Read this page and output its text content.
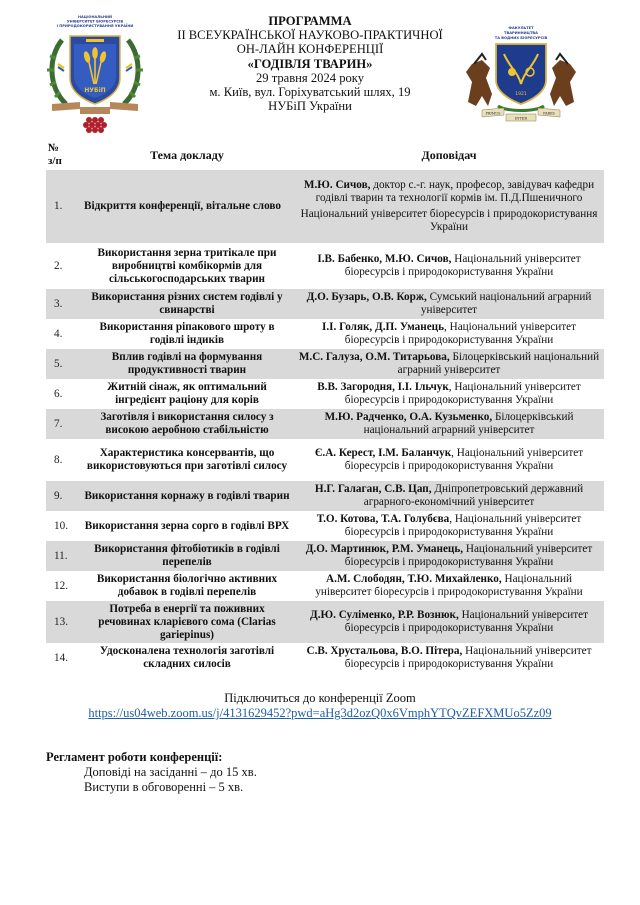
НАЦІОНАЛЬНИЙ
УНІВЕРСИТЕТ БІОРЕСУРСІВ
І ПРИРОДОКОРИСТУВАННЯ УКРАЇНИ
НУБіП
ПРОГРАММА
ІІ ВСЕУКРАЇНСЬКОЇ НАУКОВО-ПРАКТИЧНОЇ
ОН-ЛАЙН КОНФЕРЕНЦІЇ
«ГОДІВЛЯ ТВАРИН»
29 травня 2024 року
м. Київ, вул. Горіхуватський шлях, 19
НУБіП України
ФАКУЛЬТЕТ
ТВАРИННИЦТВА
ТА ВОДНИХ БІОРЕСУРСІВ
1921
PRIMUS
INTER
PARES
№
з/п	Тема докладу	Доповідач
1.	Відкриття конференції, вітальне слово	М.Ю. Сичов, доктор с.-г. наук, професор, завідувач кафедри годівлі тварин та технології кормів ім. П.Д.Пшеничного
Національний університет біоресурсів і природокористування України

2.	Використання зерна тритікале при виробництві комбікормів для сільськогосподарських тварин	І.В. Бабенко, М.Ю. Сичов, Національний університет біоресурсів і природокористування України
3.	Використання різних систем годівлі у свинарстві	Д.О. Бузарь, О.В. Корж, Сумський національний аграрний університет
4.	Використання ріпакового шроту в годівлі індиків	І.І. Голяк, Д.П. Уманець, Національний університет біоресурсів і природокористування України
5.	Вплив годівлі на формування продуктивності тварин	М.С. Галуза, О.М. Титарьова, Білоцерківський національний аграрний університет
6.	Житній сінаж, як оптимальний інгредієнт раціону для корів	В.В. Загородня, І.І. Ільчук, Національний університет біоресурсів і природокористування України
7.	Заготівля і використання силосу з високою аеробною стабільністю	М.Ю. Радченко, О.А. Кузьменко, Білоцерківський національний аграрний університет
8.	Характеристика консервантів, що використовуються при заготівлі силосу	Є.А. Керест, І.М. Баланчук, Національний університет біоресурсів і природокористування України
9.	Використання корнажу в годівлі тварин	Н.Г. Галаган, С.В. Цап, Дніпропетровський державний аграрного-економічний університет
10.	Використання зерна сорго в годівлі ВРХ	Т.О. Котова, Т.А. Голубєва, Національний університет біоресурсів і природокористування України
11.	Використання фітобіотиків в годівлі перепелів	Д.О. Мартинюк, Р.М. Уманець, Національний університет біоресурсів і природокористування України
12.	Використання біологічно активних добавок в годівлі перепелів	А.М. Слободян, Т.Ю. Михайленко, Національний університет біоресурсів і природокористування України
13.	Потреба в енергії та поживних речовинах кларієвого сома (Clarias gariepinus)	Д.Ю. Суліменко, Р.Р. Вознюк, Національний університет біоресурсів і природокористування України
14.	Удосконалена технологія заготівлі складних силосів	С.В. Хрустальова, В.О. Пітера, Національний університет біоресурсів і природокористування України
Підключиться до конференції Zoom
https://us04web.zoom.us/j/4131629452?pwd=aHg3d2ozQ0x6VmphYTQvZEFXMUo5Zz09
Регламент роботи конференції:
Доповіді на засіданні – до 15 хв.
Виступи в обговоренні – 5 хв.
